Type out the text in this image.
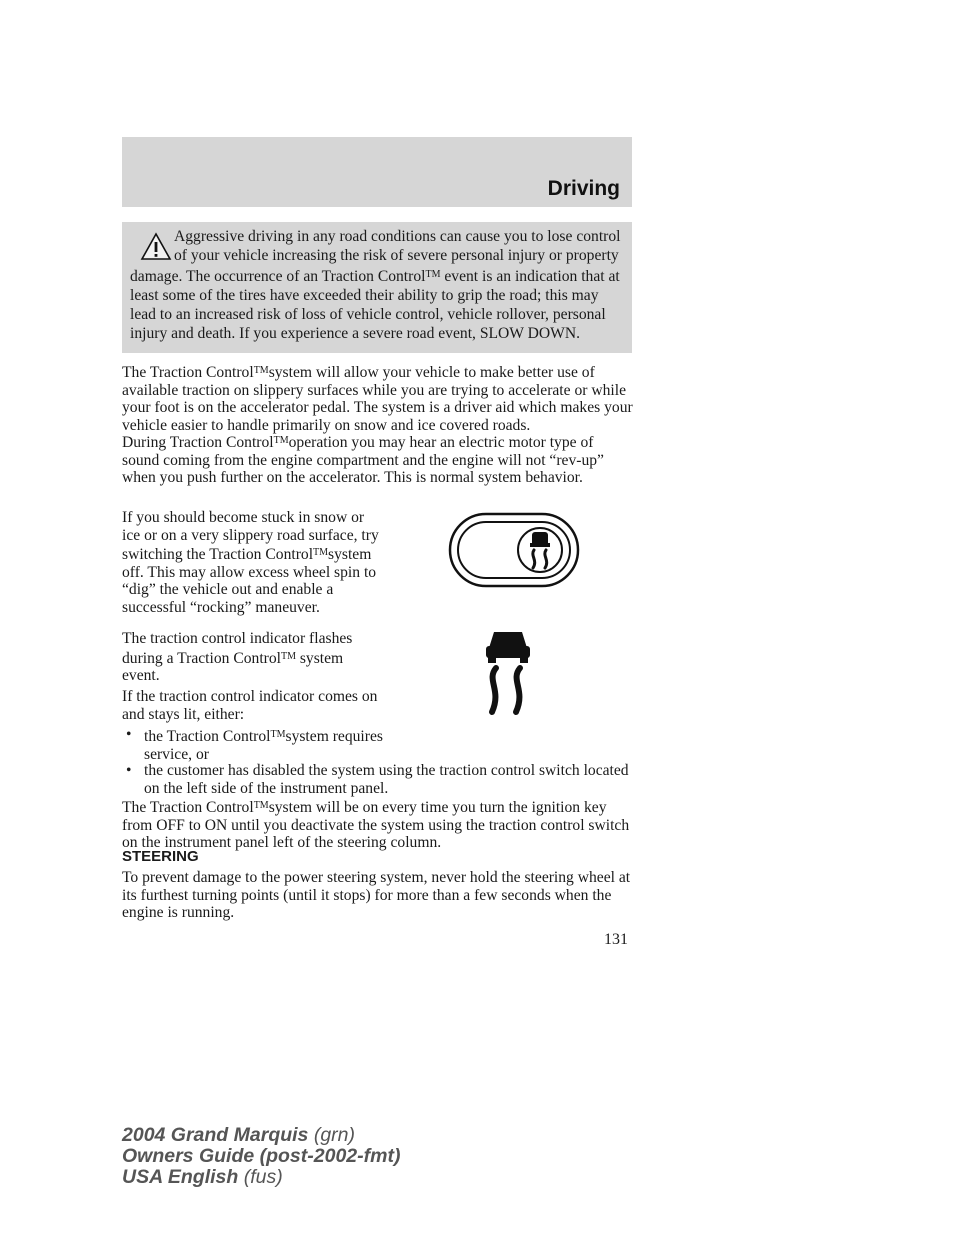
Driving

Aggressive driving in any road conditions can cause you to lose control of your vehicle increasing the risk of severe personal injury or property damage. The occurrence of an Traction Control™ event is an indication that at least some of the tires have exceeded their ability to grip the road; this may lead to an increased risk of loss of vehicle control, vehicle rollover, personal injury and death. If you experience a severe road event, SLOW DOWN.

The Traction Control™system will allow your vehicle to make better use of available traction on slippery surfaces while you are trying to accelerate or while your foot is on the accelerator pedal. The system is a driver aid which makes your vehicle easier to handle primarily on snow and ice covered roads.

During Traction Control™operation you may hear an electric motor type of sound coming from the engine compartment and the engine will not “rev-up” when you push further on the accelerator. This is normal system behavior.

If you should become stuck in snow or ice or on a very slippery road surface, try switching the Traction Control™system off. This may allow excess wheel spin to “dig” the vehicle out and enable a successful “rocking” maneuver.

The traction control indicator flashes during a Traction Control™ system event.

If the traction control indicator comes on and stays lit, either:

• the Traction Control™system requires service, or
• the customer has disabled the system using the traction control switch located on the left side of the instrument panel.

The Traction Control™system will be on every time you turn the ignition key from OFF to ON until you deactivate the system using the traction control switch on the instrument panel left of the steering column.

STEERING

To prevent damage to the power steering system, never hold the steering wheel at its furthest turning points (until it stops) for more than a few seconds when the engine is running.

131
2004 Grand Marquis (grn)
Owners Guide (post-2002-fmt)
USA English (fus)
